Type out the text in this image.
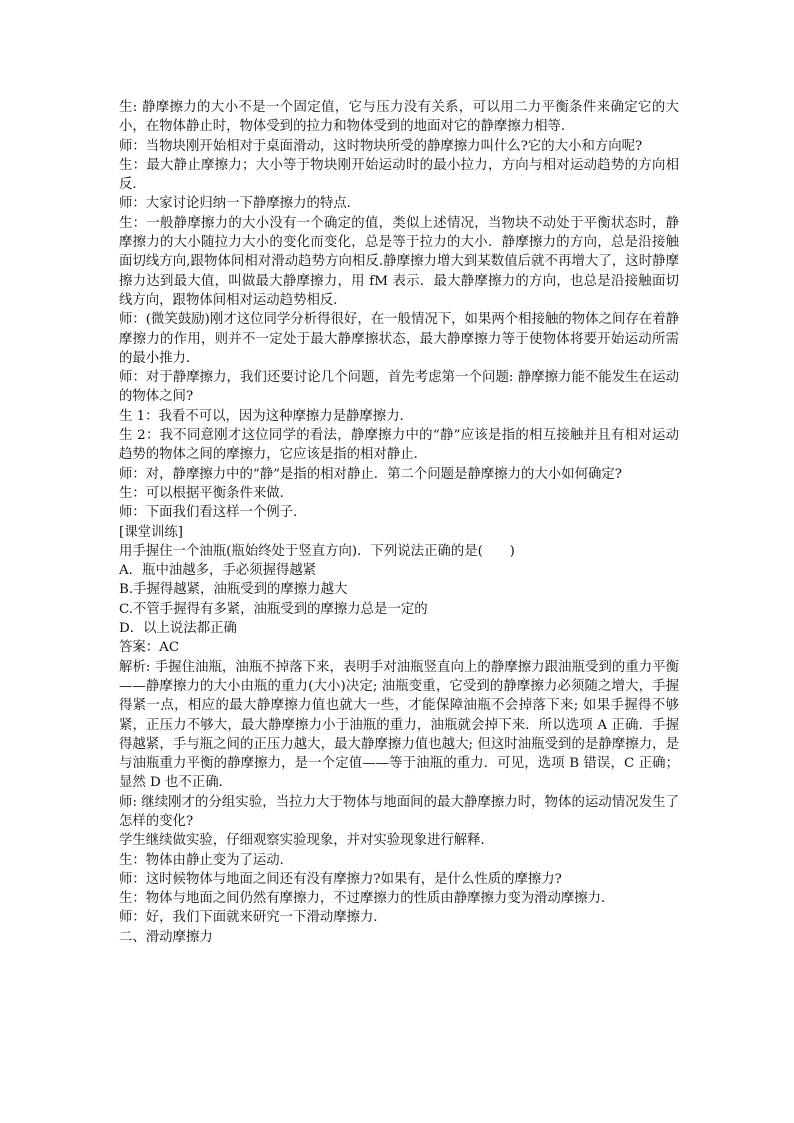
生: 静摩擦力的大小不是一个固定值，它与压力没有关系，可以用二力平衡条件来确定它的大小，在物体静止时，物体受到的拉力和物体受到的地面对它的静摩擦力相等．

师：当物块刚开始相对于桌面滑动，这时物块所受的静摩擦力叫什么?它的大小和方向呢?

生：最大静止摩擦力；大小等于物块刚开始运动时的最小拉力，方向与相对运动趋势的方向相反．

师：大家讨论归纳一下静摩擦力的特点．

生：一般静摩擦力的大小没有一个确定的值，类似上述情况，当物块不动处于平衡状态时，静摩擦力的大小随拉力大小的变化而变化，总是等于拉力的大小．静摩擦力的方向，总是沿接触面切线方向,跟物体间相对滑动趋势方向相反.静摩擦力增大到某数值后就不再增大了，这时静摩擦力达到最大值，叫做最大静摩擦力，用 fM 表示．最大静摩擦力的方向，也总是沿接触面切线方向，跟物体间相对运动趋势相反．

师：(微笑鼓励)刚才这位同学分析得很好，在一般情况下，如果两个相接触的物体之间存在着静摩擦力的作用，则并不一定处于最大静摩擦状态，最大静摩擦力等于使物体将要开始运动所需的最小推力．

师：对于静摩擦力，我们还要讨论几个问题，首先考虑第一个问题: 静摩擦力能不能发生在运动的物体之间?

生 1：我看不可以，因为这种摩擦力是静摩擦力．

生 2：我不同意刚才这位同学的看法，静摩擦力中的“静”应该是指的相互接触并且有相对运动趋势的物体之间的摩擦力，它应该是指的相对静止．

师：对，静摩擦力中的“静”是指的相对静止．第二个问题是静摩擦力的大小如何确定?

生：可以根据平衡条件来做．

师：下面我们看这样一个例子．

[课堂训练]

用手握住一个油瓶(瓶始终处于竖直方向)．下列说法正确的是(　　)

A．瓶中油越多，手必须握得越紧

B.手握得越紧，油瓶受到的摩擦力越大

C.不管手握得有多紧，油瓶受到的摩擦力总是一定的

D．以上说法都正确

答案：AC

解析: 手握住油瓶，油瓶不掉落下来，表明手对油瓶竖直向上的静摩擦力跟油瓶受到的重力平衡——静摩擦力的大小由瓶的重力(大小)决定; 油瓶变重，它受到的静摩擦力必须随之增大，手握得紧一点，相应的最大静摩擦力值也就大一些，才能保障油瓶不会掉落下来; 如果手握得不够紧，正压力不够大，最大静摩擦力小于油瓶的重力，油瓶就会掉下来．所以选项 A 正确．手握得越紧，手与瓶之间的正压力越大，最大静摩擦力值也越大; 但这时油瓶受到的是静摩擦力，是与油瓶重力平衡的静摩擦力，是一个定值——等于油瓶的重力．可见，选项 B 错误，C 正确；显然 D 也不正确．

师: 继续刚才的分组实验，当拉力大于物体与地面间的最大静摩擦力时，物体的运动情况发生了怎样的变化?

学生继续做实验，仔细观察实验现象，并对实验现象进行解释．

生：物体由静止变为了运动．

师：这时候物体与地面之间还有没有摩擦力?如果有，是什么性质的摩擦力?

生：物体与地面之间仍然有摩擦力，不过摩擦力的性质由静摩擦力变为滑动摩擦力．

师：好，我们下面就来研究一下滑动摩擦力．

二、滑动摩擦力
